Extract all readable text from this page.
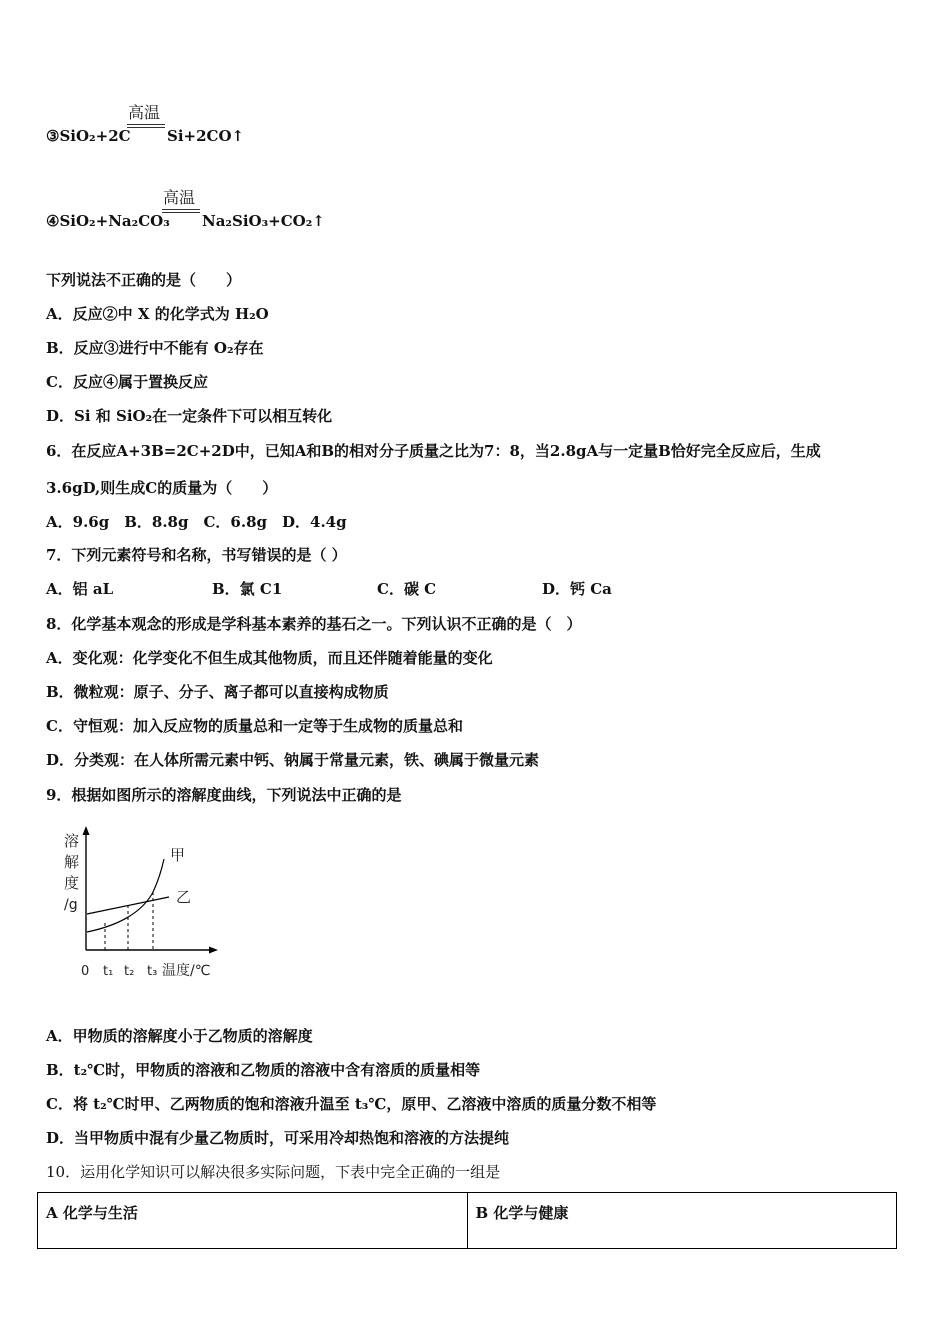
高温
③SiO₂+2C Si+2CO↑
高温
④SiO₂+Na₂CO₃ Na₂SiO₃+CO₂↑
下列说法不正确的是（　　）
A．反应②中 X 的化学式为 H₂O
B．反应③进行中不能有 O₂存在
C．反应④属于置换反应
D．Si 和 SiO₂在一定条件下可以相互转化
6．在反应A+3B=2C+2D中，已知A和B的相对分子质量之比为7：8，当2.8gA与一定量B恰好完全反应后，生成
3.6gD,则生成C的质量为（　　）
A．9.6g　B．8.8g　C．6.8g　D．4.4g
7．下列元素符号和名称，书写错误的是（ ）
A．铝 aL	B．氯 C1	C．碳 C	D．钙 Ca
8．化学基本观念的形成是学科基本素养的基石之一。下列认识不正确的是（　）
A．变化观：化学变化不但生成其他物质，而且还伴随着能量的变化
B．微粒观：原子、分子、离子都可以直接构成物质
C．守恒观：加入反应物的质量总和一定等于生成物的质量总和
D．分类观：在人体所需元素中钙、钠属于常量元素，铁、碘属于微量元素
9．根据如图所示的溶解度曲线，下列说法中正确的是
溶
解
度
/g
甲
乙
0 t₁ t₂ t₃ 温度/℃
A．甲物质的溶解度小于乙物质的溶解度
B．t₂℃时，甲物质的溶液和乙物质的溶液中含有溶质的质量相等
C．将 t₂℃时甲、乙两物质的饱和溶液升温至 t₃℃，原甲、乙溶液中溶质的质量分数不相等
D．当甲物质中混有少量乙物质时，可采用冷却热饱和溶液的方法提纯
10．运用化学知识可以解决很多实际问题，下表中完全正确的一组是
A 化学与生活	B 化学与健康
